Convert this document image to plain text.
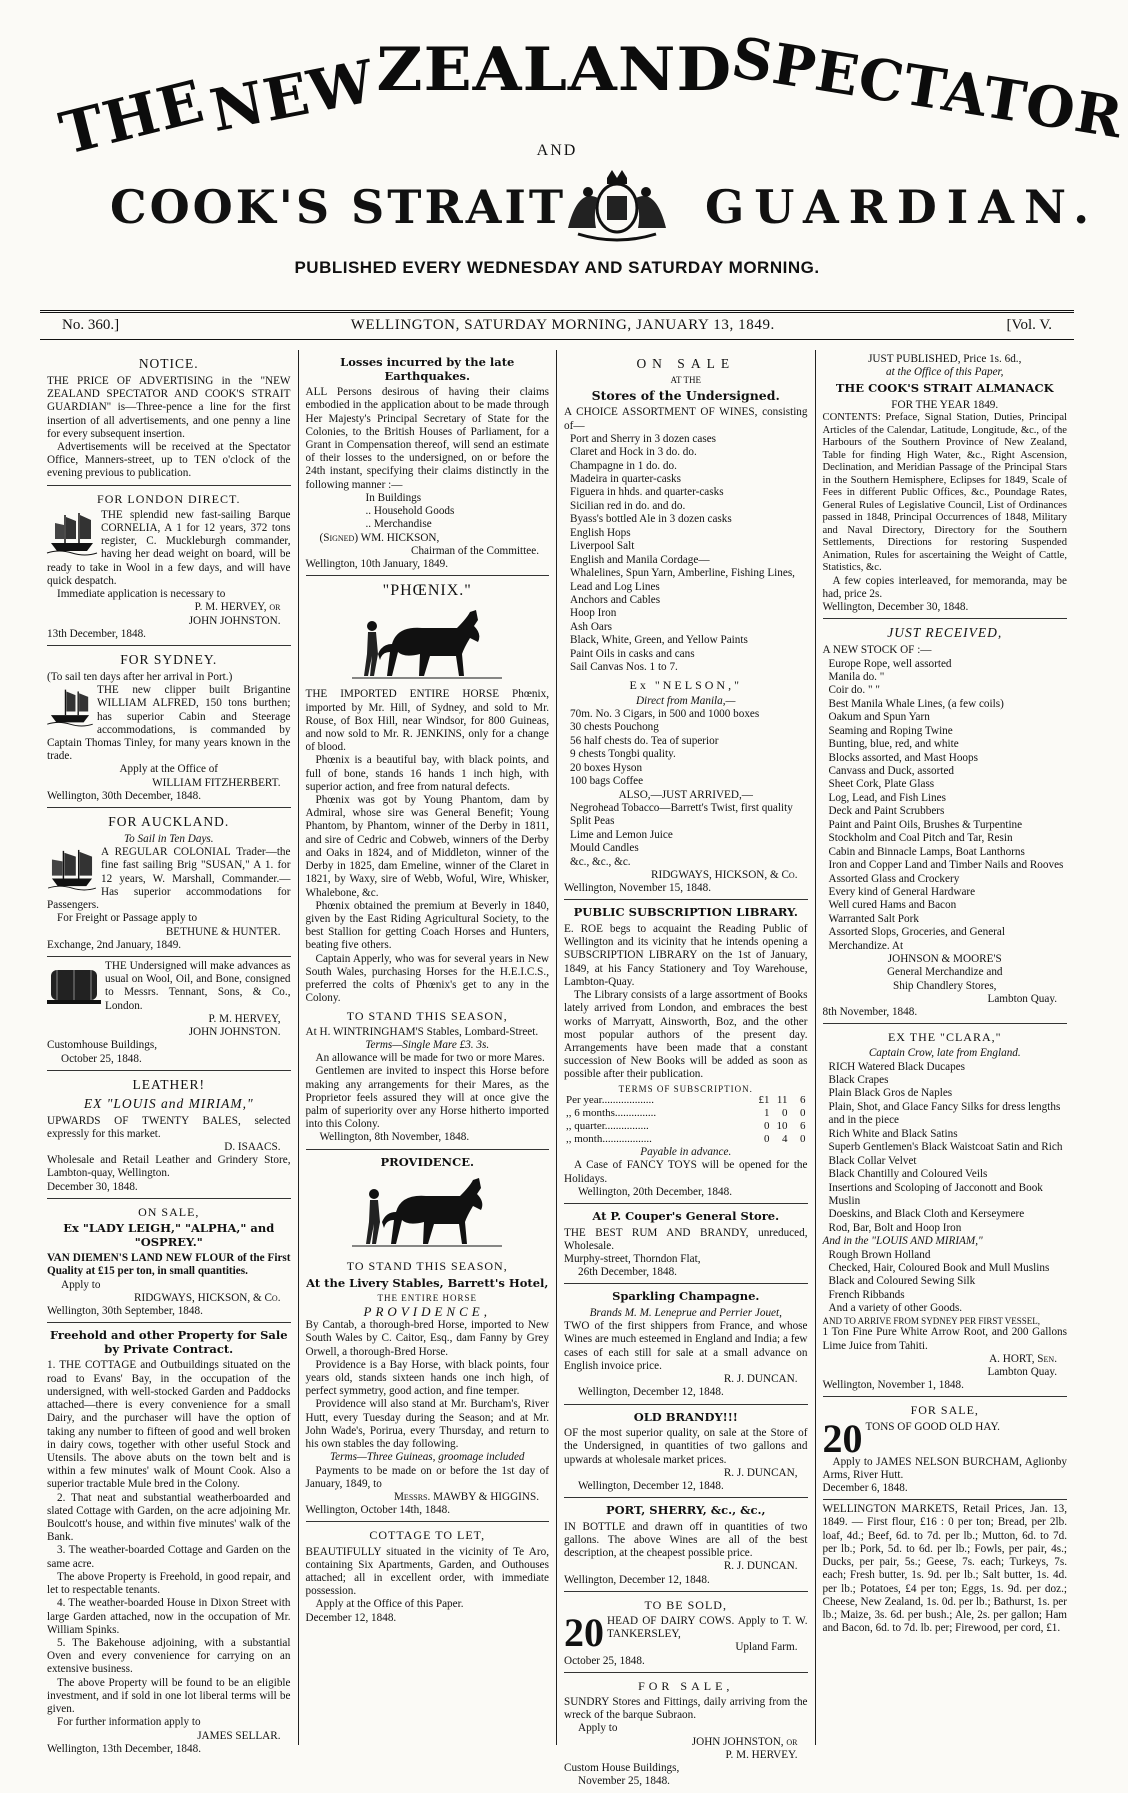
THE
NEW
ZEALAND
SPECTATOR
AND
COOK'S STRAIT	GUARDIAN.
PUBLISHED EVERY WEDNESDAY AND SATURDAY MORNING.
No. 360.]	WELLINGTON, SATURDAY MORNING, JANUARY 13, 1849.	[Vol. V.
NOTICE.

THE PRICE OF ADVERTISING in the "NEW ZEALAND SPECTATOR AND COOK'S STRAIT GUARDIAN" is—Three-pence a line for the first insertion of all advertisements, and one penny a line for every subsequent insertion.

Advertisements will be received at the Spectator Office, Manners-street, up to TEN o'clock of the evening previous to publication.

FOR LONDON DIRECT.

THE splendid new fast-sailing Barque CORNELIA, A 1 for 12 years, 372 tons register, C. Muckleburgh commander, having her dead weight on board, will be ready to take in Wool in a few days, and will have quick despatch.

Immediate application is necessary to

P. M. HERVEY, or
JOHN JOHNSTON.
13th December, 1848.
FOR SYDNEY.
(To sail ten days after her arrival in Port.)

THE new clipper built Brigantine WILLIAM ALFRED, 150 tons burthen; has superior Cabin and Steerage accommodations, is commanded by Captain Thomas Tinley, for many years known in the trade.

Apply at the Office of
WILLIAM FITZHERBERT.
Wellington, 30th December, 1848.
FOR AUCKLAND.
To Sail in Ten Days.

A REGULAR COLONIAL Trader—the fine fast sailing Brig "SUSAN," A 1. for 12 years, W. Marshall, Commander.—Has superior accommodations for Passengers.

For Freight or Passage apply to

BETHUNE & HUNTER.
Exchange, 2nd January, 1849.

THE Undersigned will make advances as usual on Wool, Oil, and Bone, consigned to Messrs. Tennant, Sons, & Co., London.

P. M. HERVEY,
JOHN JOHNSTON.
Customhouse Buildings,
October 25, 1848.
LEATHER!
EX "LOUIS and MIRIAM,"

UPWARDS OF TWENTY BALES, selected expressly for this market.

D. ISAACS.

Wholesale and Retail Leather and Grindery Store, Lambton-quay, Wellington.

December 30, 1848.
ON SALE,
Ex "LADY LEIGH," "ALPHA," and "OSPREY."

VAN DIEMEN'S LAND NEW FLOUR of the First Quality at £15 per ton, in small quantities.

Apply to
RIDGWAYS, HICKSON, & Co.
Wellington, 30th September, 1848.
Freehold and other Property for Sale by Private Contract.

1. THE COTTAGE and Outbuildings situated on the road to Evans' Bay, in the occupation of the undersigned, with well-stocked Garden and Paddocks attached—there is every convenience for a small Dairy, and the purchaser will have the option of taking any number to fifteen of good and well broken in dairy cows, together with other useful Stock and Utensils. The above abuts on the town belt and is within a few minutes' walk of Mount Cook. Also a superior tractable Mule bred in the Colony.

2. That neat and substantial weatherboarded and slated Cottage with Garden, on the acre adjoining Mr. Boulcott's house, and within five minutes' walk of the Bank.

3. The weather-boarded Cottage and Garden on the same acre.

The above Property is Freehold, in good repair, and let to respectable tenants.

4. The weather-boarded House in Dixon Street with large Garden attached, now in the occupation of Mr. William Spinks.

5. The Bakehouse adjoining, with a substantial Oven and every convenience for carrying on an extensive business.

The above Property will be found to be an eligible investment, and if sold in one lot liberal terms will be given.

For further information apply to

JAMES SELLAR.
Wellington, 13th December, 1848.
Losses incurred by the late Earthquakes.

ALL Persons desirous of having their claims embodied in the application about to be made through Her Majesty's Principal Secretary of State for the Colonies, to the British Houses of Parliament, for a Grant in Compensation thereof, will send an estimate of their losses to the undersigned, on or before the 24th instant, specifying their claims distinctly in the following manner :—

In Buildings
.. Household Goods
.. Merchandise
(Signed) WM. HICKSON,
Chairman of the Committee.
Wellington, 10th January, 1849.
"PHŒNIX."

THE IMPORTED ENTIRE HORSE Phœnix, imported by Mr. Hill, of Sydney, and sold to Mr. Rouse, of Box Hill, near Windsor, for 800 Guineas, and now sold to Mr. R. JENKINS, only for a change of blood.

Phœnix is a beautiful bay, with black points, and full of bone, stands 16 hands 1 inch high, with superior action, and free from natural defects.

Phœnix was got by Young Phantom, dam by Admiral, whose sire was General Benefit; Young Phantom, by Phantom, winner of the Derby in 1811, and sire of Cedric and Cobweb, winners of the Derby and Oaks in 1824, and of Middleton, winner of the Derby in 1825, dam Emeline, winner of the Claret in 1821, by Waxy, sire of Webb, Woful, Wire, Whisker, Whalebone, &c.

Phœnix obtained the premium at Beverly in 1840, given by the East Riding Agricultural Society, to the best Stallion for getting Coach Horses and Hunters, beating five others.

Captain Apperly, who was for several years in New South Wales, purchasing Horses for the H.E.I.C.S., preferred the colts of Phœnix's get to any in the Colony.

TO STAND THIS SEASON,

At H. WINTRINGHAM'S Stables, Lombard-Street.

Terms—Single Mare £3. 3s.

An allowance will be made for two or more Mares.

Gentlemen are invited to inspect this Horse before making any arrangements for their Mares, as the Proprietor feels assured they will at once give the palm of superiority over any Horse hitherto imported into this Colony.

Wellington, 8th November, 1848.
PROVIDENCE.
TO STAND THIS SEASON,
At the Livery Stables, Barrett's Hotel,
THE ENTIRE HORSE
PROVIDENCE,

By Cantab, a thorough-bred Horse, imported to New South Wales by C. Caitor, Esq., dam Fanny by Grey Orwell, a thorough-Bred Horse.

Providence is a Bay Horse, with black points, four years old, stands sixteen hands one inch high, of perfect symmetry, good action, and fine temper.

Providence will also stand at Mr. Burcham's, River Hutt, every Tuesday during the Season; and at Mr. John Wade's, Porirua, every Thursday, and return to his own stables the day following.

Terms—Three Guineas, groomage included

Payments to be made on or before the 1st day of January, 1849, to

Messrs. MAWBY & HIGGINS.
Wellington, October 14th, 1848.
COTTAGE TO LET,

BEAUTIFULLY situated in the vicinity of Te Aro, containing Six Apartments, Garden, and Outhouses attached; all in excellent order, with immediate possession.

Apply at the Office of this Paper.

December 12, 1848.
ON SALE
AT THE
Stores of the Undersigned.

A CHOICE ASSORTMENT OF WINES, consisting of—

Port and Sherry in 3 dozen cases
Claret and Hock in 3 do. do.
Champagne in 1 do. do.
Madeira in quarter-casks
Figuera in hhds. and quarter-casks
Sicilian red in do. and do.
Byass's bottled Ale in 3 dozen casks
English Hops
Liverpool Salt
English and Manila Cordage—
Whalelines, Spun Yarn, Amberline, Fishing Lines, Lead and Log Lines
Anchors and Cables
Hoop Iron
Ash Oars
Black, White, Green, and Yellow Paints
Paint Oils in casks and cans
Sail Canvas Nos. 1 to 7.
Ex "NELSON,"
Direct from Manila,—
70m. No. 3 Cigars, in 500 and 1000 boxes
30 chests Pouchong
56 half chests do. Tea of superior
9 chests Tongbi quality.
20 boxes Hyson
100 bags Coffee
ALSO,—JUST ARRIVED,—
Negrohead Tobacco—Barrett's Twist, first quality
Split Peas
Lime and Lemon Juice
Mould Candles
&c., &c., &c.
RIDGWAYS, HICKSON, & Co.
Wellington, November 15, 1848.
PUBLIC SUBSCRIPTION LIBRARY.

E. ROE begs to acquaint the Reading Public of Wellington and its vicinity that he intends opening a SUBSCRIPTION LIBRARY on the 1st of January, 1849, at his Fancy Stationery and Toy Warehouse, Lambton-Quay.

The Library consists of a large assortment of Books lately arrived from London, and embraces the best works of Marryatt, Ainsworth, Boz, and the other most popular authors of the present day. Arrangements have been made that a constant succession of New Books will be added as soon as possible after their publication.

TERMS OF SUBSCRIPTION.
Per year...................	£1	11	6
,, 6 months...............	1	0	0
,, quarter................	0	10	6
,, month..................	0	4	0
Payable in advance.

A Case of FANCY TOYS will be opened for the Holidays.

Wellington, 20th December, 1848.
At P. Couper's General Store.

THE BEST RUM AND BRANDY, unreduced, Wholesale.

Murphy-street, Thorndon Flat,
26th December, 1848.
Sparkling Champagne.
Brands M. M. Leneprue and Perrier Jouet,

TWO of the first shippers from France, and whose Wines are much esteemed in England and India; a few cases of each still for sale at a small advance on English invoice price.

R. J. DUNCAN.
Wellington, December 12, 1848.
OLD BRANDY!!!

OF the most superior quality, on sale at the Store of the Undersigned, in quantities of two gallons and upwards at wholesale market prices.

R. J. DUNCAN,
Wellington, December 12, 1848.
PORT, SHERRY, &c., &c.,

IN BOTTLE and drawn off in quantities of two gallons. The above Wines are all of the best description, at the cheapest possible price.

R. J. DUNCAN.
Wellington, December 12, 1848.
TO BE SOLD,
20 HEAD OF DAIRY COWS. Apply to T. W. TANKERSLEY,

Upland Farm.
October 25, 1848.
FOR SALE,

SUNDRY Stores and Fittings, daily arriving from the wreck of the barque Subraon.

Apply to
JOHN JOHNSTON, or
P. M. HERVEY.
Custom House Buildings,
November 25, 1848.
JUST PUBLISHED, Price 1s. 6d.,
at the Office of this Paper,
THE COOK'S STRAIT ALMANACK
FOR THE YEAR 1849.

CONTENTS: Preface, Signal Station, Duties, Principal Articles of the Calendar, Latitude, Longitude, &c., of the Harbours of the Southern Province of New Zealand, Table for finding High Water, &c., Right Ascension, Declination, and Meridian Passage of the Principal Stars in the Southern Hemisphere, Eclipses for 1849, Scale of Fees in different Public Offices, &c., Poundage Rates, General Rules of Legislative Council, List of Ordinances passed in 1848, Principal Occurrences of 1848, Military and Naval Directory, Directory for the Southern Settlements, Directions for restoring Suspended Animation, Rules for ascertaining the Weight of Cattle, Statistics, &c.

A few copies interleaved, for memoranda, may be had, price 2s.

Wellington, December 30, 1848.
JUST RECEIVED,
A NEW STOCK OF :—
Europe Rope, well assorted
Manila do. "
Coir do. " "
Best Manila Whale Lines, (a few coils)
Oakum and Spun Yarn
Seaming and Roping Twine
Bunting, blue, red, and white
Blocks assorted, and Mast Hoops
Canvass and Duck, assorted
Sheet Cork, Plate Glass
Log, Lead, and Fish Lines
Deck and Paint Scrubbers
Paint and Paint Oils, Brushes & Turpentine
Stockholm and Coal Pitch and Tar, Resin
Cabin and Binnacle Lamps, Boat Lanthorns
Iron and Copper Land and Timber Nails and Rooves
Assorted Glass and Crockery
Every kind of General Hardware
Well cured Hams and Bacon
Warranted Salt Pork
Assorted Slops, Groceries, and General Merchandize. At
JOHNSON & MOORE'S
General Merchandize and
Ship Chandlery Stores,
Lambton Quay.
8th November, 1848.
EX THE "CLARA,"
Captain Crow, late from England.
RICH Watered Black Ducapes
Black Crapes
Plain Black Gros de Naples
Plain, Shot, and Glace Fancy Silks for dress lengths and in the piece
Rich White and Black Satins
Superb Gentlemen's Black Waistcoat Satin and Rich Black Collar Velvet
Black Chantilly and Coloured Veils
Insertions and Scoloping of Jacconott and Book Muslin
Doeskins, and Black Cloth and Kerseymere
Rod, Bar, Bolt and Hoop Iron
And in the "LOUIS AND MIRIAM,"
Rough Brown Holland
Checked, Hair, Coloured Book and Mull Muslins
Black and Coloured Sewing Silk
French Ribbands
And a variety of other Goods.
AND TO ARRIVE FROM SYDNEY PER FIRST VESSEL,

1 Ton Fine Pure White Arrow Root, and 200 Gallons Lime Juice from Tahiti.

A. HORT, Sen.
Lambton Quay.
Wellington, November 1, 1848.
FOR SALE,
20 TONS OF GOOD OLD HAY.

Apply to JAMES NELSON BURCHAM, Aglionby Arms, River Hutt.

December 6, 1848.

WELLINGTON MARKETS, Retail Prices, Jan. 13, 1849. — First flour, £16 : 0 per ton; Bread, per 2lb. loaf, 4d.; Beef, 6d. to 7d. per lb.; Mutton, 6d. to 7d. per lb.; Pork, 5d. to 6d. per lb.; Fowls, per pair, 4s.; Ducks, per pair, 5s.; Geese, 7s. each; Turkeys, 7s. each; Fresh butter, 1s. 9d. per lb.; Salt butter, 1s. 4d. per lb.; Potatoes, £4 per ton; Eggs, 1s. 9d. per doz.; Cheese, New Zealand, 1s. 0d. per lb.; Bathurst, 1s. per lb.; Maize, 3s. 6d. per bush.; Ale, 2s. per gallon; Ham and Bacon, 6d. to 7d. lb. per; Firewood, per cord, £1.
